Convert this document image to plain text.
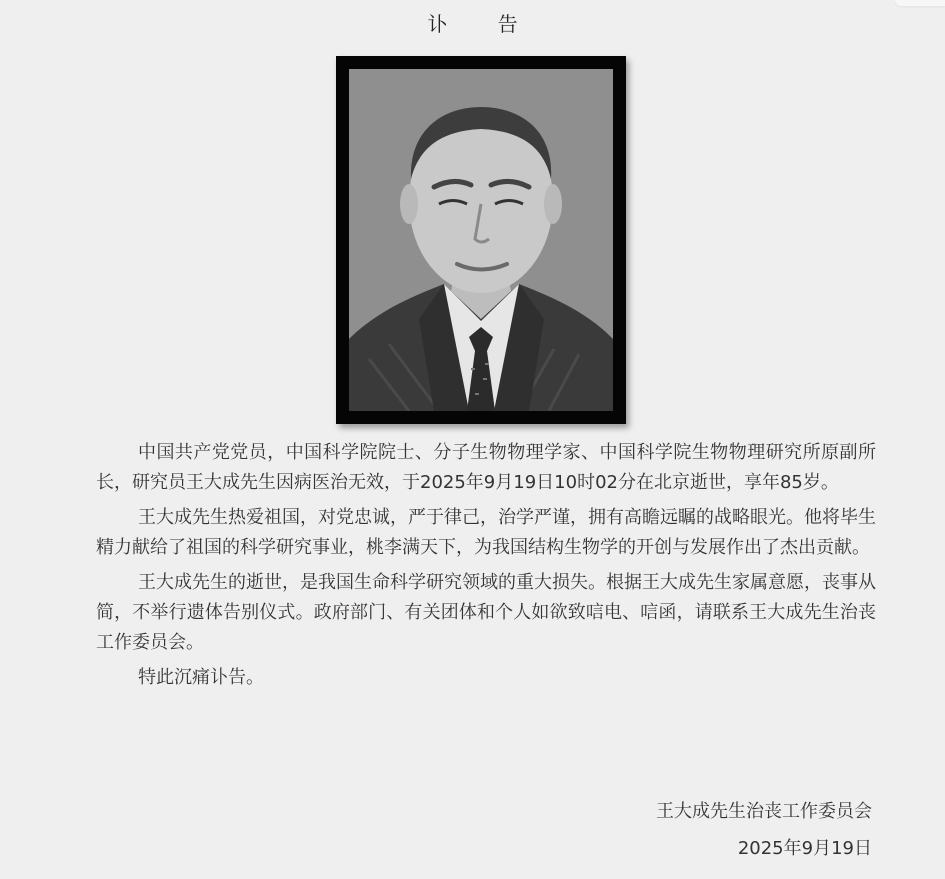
讣 告

中国共产党党员，中国科学院院士、分子生物物理学家、中国科学院生物物理研究所原副所长，研究员王大成先生因病医治无效，于2025年9月19日10时02分在北京逝世，享年85岁。

王大成先生热爱祖国，对党忠诚，严于律己，治学严谨，拥有高瞻远瞩的战略眼光。他将毕生精力献给了祖国的科学研究事业，桃李满天下，为我国结构生物学的开创与发展作出了杰出贡献。

王大成先生的逝世，是我国生命科学研究领域的重大损失。根据王大成先生家属意愿，丧事从简，不举行遗体告别仪式。政府部门、有关团体和个人如欲致唁电、唁函，请联系王大成先生治丧工作委员会。

特此沉痛讣告。

王大成先生治丧工作委员会
2025年9月19日
